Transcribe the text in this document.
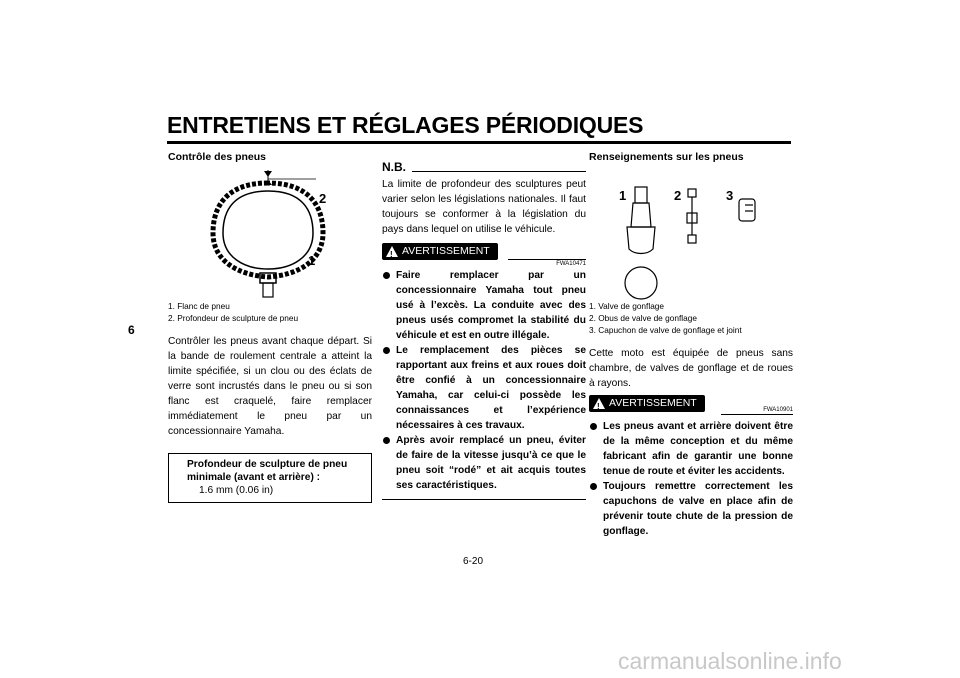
ENTRETIENS ET RÉGLAGES PÉRIODIQUES
6

Contrôle des pneus

2
1

1. Flanc de pneu

2. Profondeur de sculpture de pneu

Contrôler les pneus avant chaque départ. Si la bande de roulement centrale a atteint la limite spécifiée, si un clou ou des éclats de verre sont incrustés dans le pneu ou si son flanc est craquelé, faire remplacer immédiatement le pneu par un concessionnaire Yamaha.

Profondeur de sculpture de pneu minimale (avant et arrière) :
1.6 mm (0.06 in)
N.B.

La limite de profondeur des sculptures peut varier selon les législations nationales. Il faut toujours se conformer à la législation du pays dans lequel on utilise le véhicule.

!
AVERTISSEMENT
FWA10471
Faire remplacer par un concessionnaire Yamaha tout pneu usé à l’excès. La conduite avec des pneus usés compromet la stabilité du véhicule et est en outre illégale.
Le remplacement des pièces se rapportant aux freins et aux roues doit être confié à un concessionnaire Yamaha, car celui-ci possède les connaissances et l’expérience nécessaires à ces travaux.
Après avoir remplacé un pneu, éviter de faire de la vitesse jusqu’à ce que le pneu soit “rodé” et ait acquis toutes ses caractéristiques.

Renseignements sur les pneus

1	2	3

1. Valve de gonflage

2. Obus de valve de gonflage

3. Capuchon de valve de gonflage et joint

Cette moto est équipée de pneus sans chambre, de valves de gonflage et de roues à rayons.

!
AVERTISSEMENT
FWA10901
Les pneus avant et arrière doivent être de la même conception et du même fabricant afin de garantir une bonne tenue de route et éviter les accidents.
Toujours remettre correctement les capuchons de valve en place afin de prévenir toute chute de la pression de gonflage.
6-20
carmanualsonline.info
